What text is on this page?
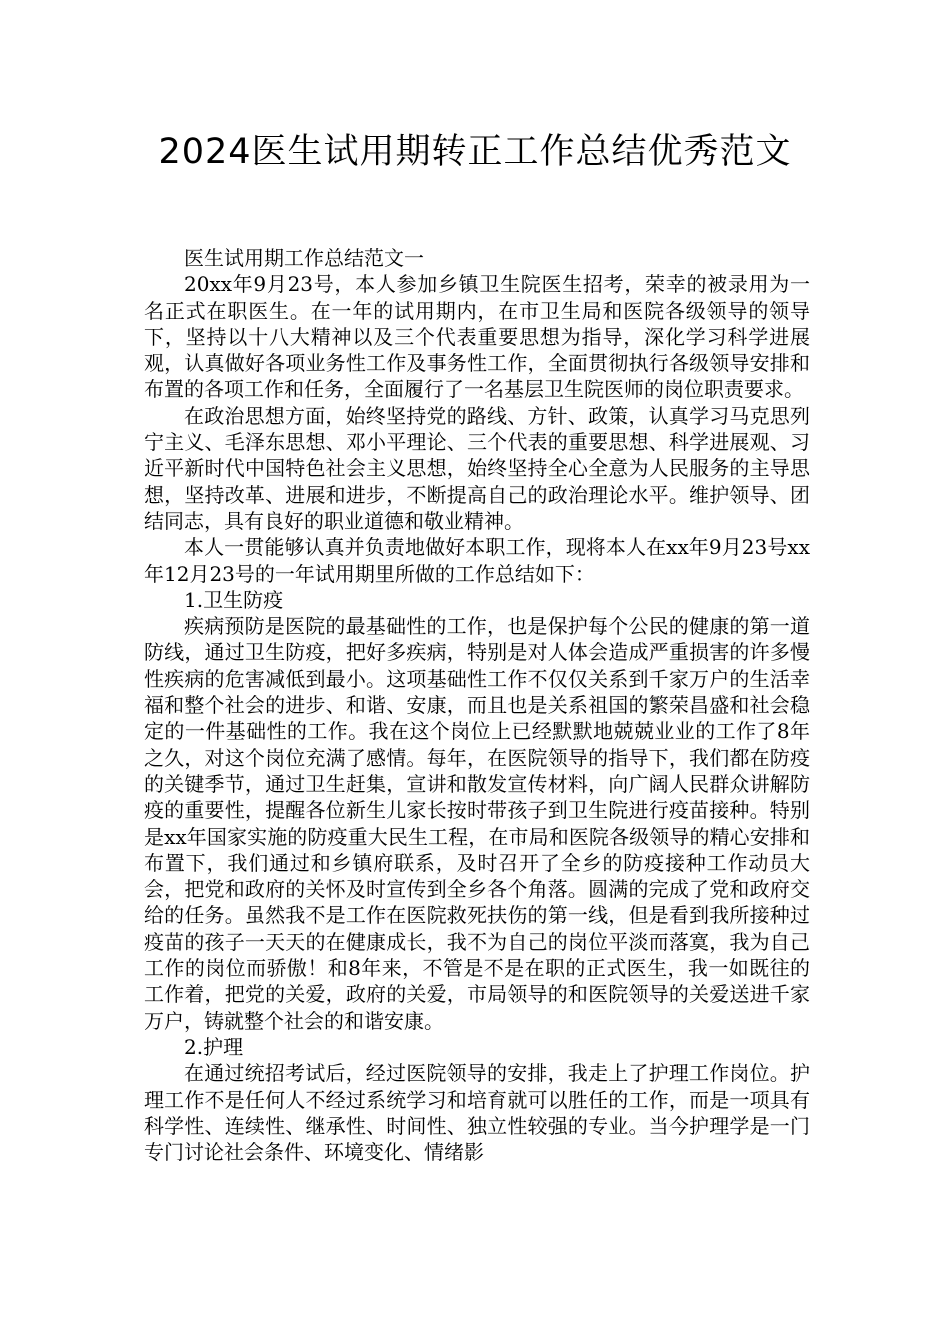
2024医生试用期转正工作总结优秀范文

医生试用期工作总结范文一

20xx年9月23号，本人参加乡镇卫生院医生招考，荣幸的被录用为一名正式在职医生。在一年的试用期内，在市卫生局和医院各级领导的领导下，坚持以十八大精神以及三个代表重要思想为指导，深化学习科学进展观，认真做好各项业务性工作及事务性工作，全面贯彻执行各级领导安排和布置的各项工作和任务，全面履行了一名基层卫生院医师的岗位职责要求。

在政治思想方面，始终坚持党的路线、方针、政策，认真学习马克思列宁主义、毛泽东思想、邓小平理论、三个代表的重要思想、科学进展观、习近平新时代中国特色社会主义思想，始终坚持全心全意为人民服务的主导思想，坚持改革、进展和进步，不断提高自己的政治理论水平。维护领导、团结同志，具有良好的职业道德和敬业精神。

本人一贯能够认真并负责地做好本职工作，现将本人在xx年9月23号xx年12月23号的一年试用期里所做的工作总结如下：

1.卫生防疫

疾病预防是医院的最基础性的工作，也是保护每个公民的健康的第一道防线，通过卫生防疫，把好多疾病，特别是对人体会造成严重损害的许多慢性疾病的危害减低到最小。这项基础性工作不仅仅关系到千家万户的生活幸福和整个社会的进步、和谐、安康，而且也是关系祖国的繁荣昌盛和社会稳定的一件基础性的工作。我在这个岗位上已经默默地兢兢业业的工作了8年之久，对这个岗位充满了感情。每年，在医院领导的指导下，我们都在防疫的关键季节，通过卫生赶集，宣讲和散发宣传材料，向广阔人民群众讲解防疫的重要性，提醒各位新生儿家长按时带孩子到卫生院进行疫苗接种。特别是xx年国家实施的防疫重大民生工程，在市局和医院各级领导的精心安排和布置下，我们通过和乡镇府联系，及时召开了全乡的防疫接种工作动员大会，把党和政府的关怀及时宣传到全乡各个角落。圆满的完成了党和政府交给的任务。虽然我不是工作在医院救死扶伤的第一线，但是看到我所接种过疫苗的孩子一天天的在健康成长，我不为自己的岗位平淡而落寞，我为自己工作的岗位而骄傲！和8年来，不管是不是在职的正式医生，我一如既往的工作着，把党的关爱，政府的关爱，市局领导的和医院领导的关爱送进千家万户，铸就整个社会的和谐安康。

2.护理

在通过统招考试后，经过医院领导的安排，我走上了护理工作岗位。护理工作不是任何人不经过系统学习和培育就可以胜任的工作，而是一项具有科学性、连续性、继承性、时间性、独立性较强的专业。当今护理学是一门专门讨论社会条件、环境变化、情绪影
